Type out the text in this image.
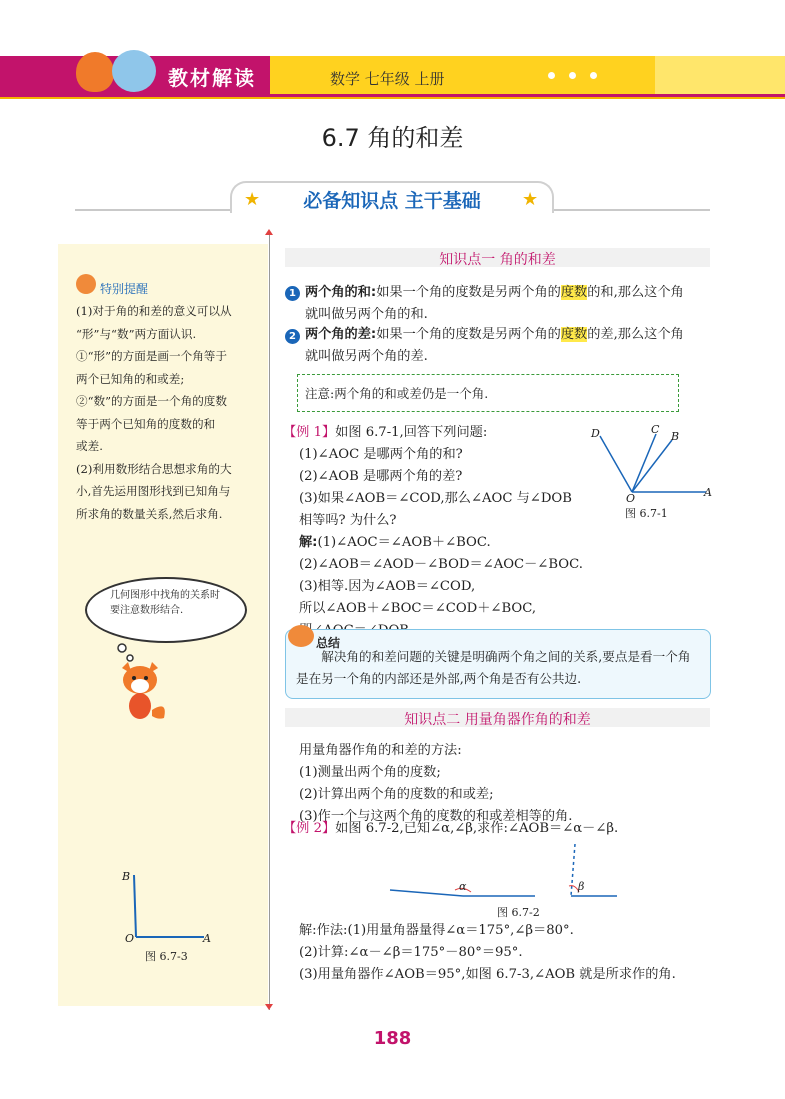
教材解读	数学 七年级 上册
6.7 角的和差
★	★
必备知识点 主干基础
特别提醒
(1)对于角的和差的意义可以从
“形”与“数”两方面认识.
①“形”的方面是画一个角等于
两个已知角的和或差;
②“数”的方面是一个角的度数
等于两个已知角的度数的和
或差.
(2)利用数形结合思想求角的大
小,首先运用图形找到已知角与
所求角的数量关系,然后求角.
几何图形中找角的关系时要注意数形结合.
B
O	A
图 6.7-3
知识点一 角的和差
1 两个角的和:如果一个角的度数是另两个角的度数的和,那么这个角
就叫做另两个角的和.
2 两个角的差:如果一个角的度数是另两个角的度数的差,那么这个角
就叫做另两个角的差.
注意:两个角的和或差仍是一个角.
【例 1】如图 6.7-1,回答下列问题:
(1)∠AOC 是哪两个角的和?
(2)∠AOB 是哪两个角的差?
(3)如果∠AOB＝∠COD,那么∠AOC 与∠DOB
相等吗? 为什么?
解:(1)∠AOC＝∠AOB＋∠BOC.
(2)∠AOB＝∠AOD－∠BOD＝∠AOC－∠BOC.
(3)相等.因为∠AOB＝∠COD,
所以∠AOB＋∠BOC＝∠COD＋∠BOC,
D	C
B
O	A
图 6.7-1
总结
解决角的和差问题的关键是明确两个角之间的关系,要点是看一个角是在另一个角的内部还是外部,两个角是否有公共边.
知识点二 用量角器作角的和差
用量角器作角的和差的方法:
(1)测量出两个角的度数;
(2)计算出两个角的度数的和或差;
(3)作一个与这两个角的度数的和或差相等的角.
【例 2】如图 6.7-2,已知∠α,∠β,求作:∠AOB＝∠α－∠β.
α	β
图 6.7-2
解:作法:(1)用量角器量得∠α＝175°,∠β＝80°.
(2)计算:∠α－∠β＝175°－80°＝95°.
(3)用量角器作∠AOB＝95°,如图 6.7-3,∠AOB 就是所求作的角.
188
